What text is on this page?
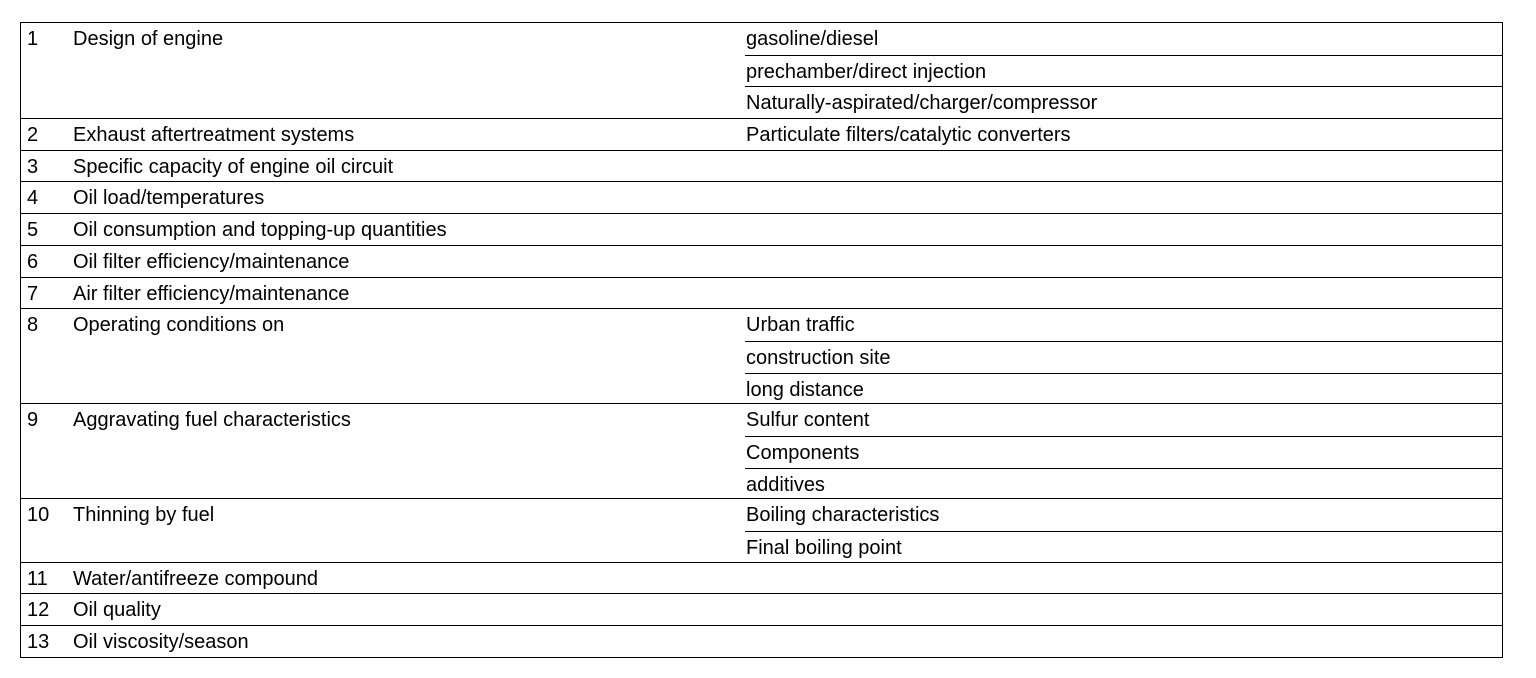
1 Design of engine	gasoline/diesel
prechamber/direct injection
Naturally-aspirated/charger/compressor
2 Exhaust aftertreatment systems	Particulate filters/catalytic converters
3 Specific capacity of engine oil circuit
4 Oil load/temperatures
5 Oil consumption and topping-up quantities
6 Oil filter efficiency/maintenance
7 Air filter efficiency/maintenance
8 Operating conditions on	Urban traffic
construction site
long distance
9 Aggravating fuel characteristics	Sulfur content
Components
additives
10 Thinning by fuel	Boiling characteristics
Final boiling point
11 Water/antifreeze compound
12 Oil quality
13 Oil viscosity/season
